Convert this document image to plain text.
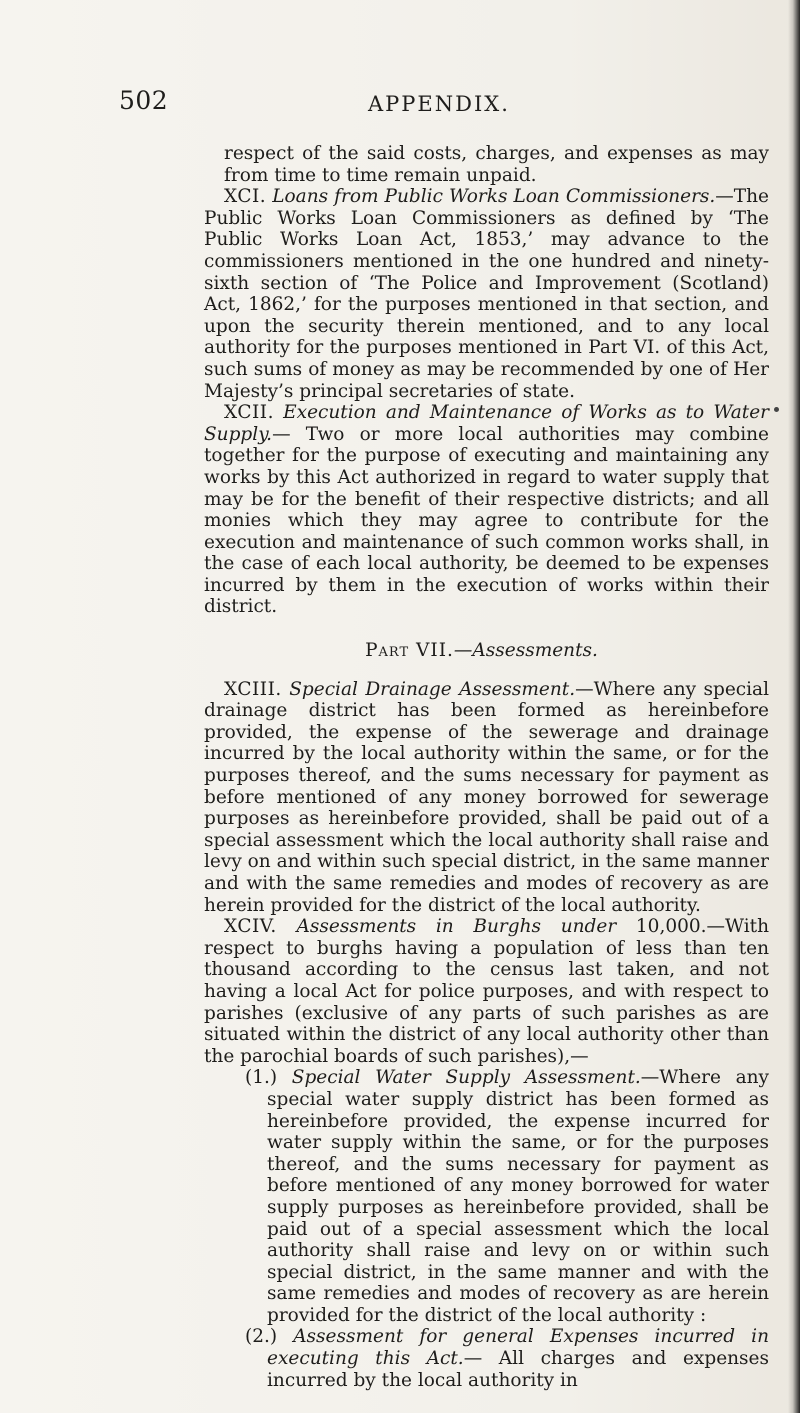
502	APPENDIX.

respect of the said costs, charges, and expenses as may from time to time remain unpaid.

XCI. Loans from Public Works Loan Commissioners.—The Public Works Loan Commissioners as defined by ‘The Public Works Loan Act, 1853,’ may advance to the commissioners mentioned in the one hundred and ninety-sixth section of ‘The Police and Improvement (Scotland) Act, 1862,’ for the purposes mentioned in that section, and upon the security therein mentioned, and to any local authority for the purposes mentioned in Part VI. of this Act, such sums of money as may be recommended by one of Her Majesty’s principal secretaries of state.

XCII. Execution and Maintenance of Works as to Water Supply.— Two or more local authorities may combine together for the purpose of executing and maintaining any works by this Act authorized in regard to water supply that may be for the benefit of their respective districts; and all monies which they may agree to contribute for the execution and maintenance of such common works shall, in the case of each local authority, be deemed to be expenses incurred by them in the execution of works within their district.

Part VII.—Assessments.

XCIII. Special Drainage Assessment.—Where any special drainage district has been formed as hereinbefore provided, the expense of the sewerage and drainage incurred by the local authority within the same, or for the purposes thereof, and the sums necessary for payment as before mentioned of any money borrowed for sewerage purposes as hereinbefore provided, shall be paid out of a special assessment which the local authority shall raise and levy on and within such special district, in the same manner and with the same remedies and modes of recovery as are herein provided for the district of the local authority.

XCIV. Assessments in Burghs under 10,000.—With respect to burghs having a population of less than ten thousand according to the census last taken, and not having a local Act for police purposes, and with respect to parishes (exclusive of any parts of such parishes as are situated within the district of any local authority other than the parochial boards of such parishes),—

(1.) Special Water Supply Assessment.—Where any special water supply district has been formed as hereinbefore provided, the expense incurred for water supply within the same, or for the purposes thereof, and the sums necessary for payment as before mentioned of any money borrowed for water supply purposes as hereinbefore provided, shall be paid out of a special assessment which the local authority shall raise and levy on or within such special district, in the same manner and with the same remedies and modes of recovery as are herein provided for the district of the local authority :

(2.) Assessment for general Expenses incurred in executing this Act.— All charges and expenses incurred by the local authority in
